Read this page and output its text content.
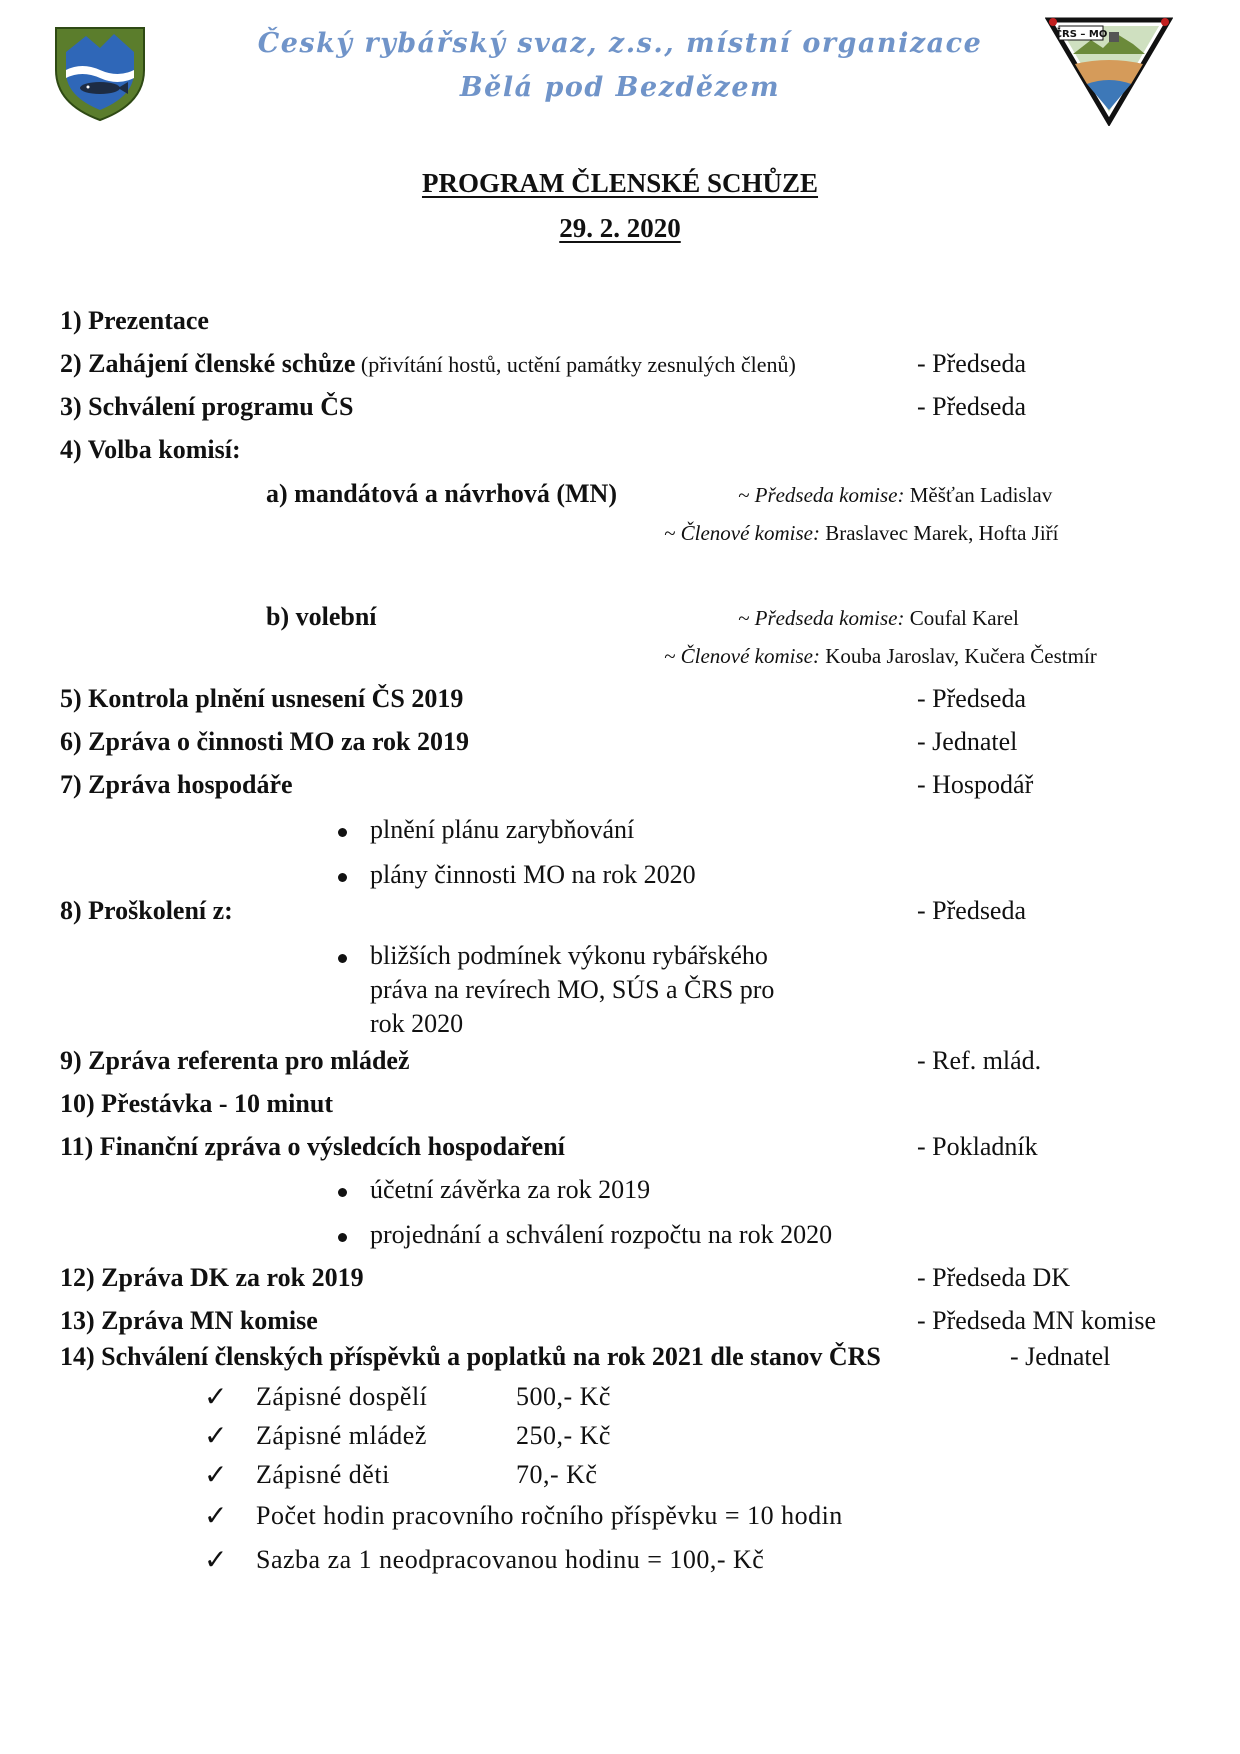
ČRS – MO
Český rybářský svaz, z.s., místní organizace
Bělá pod Bezdězem
PROGRAM ČLENSKÉ SCHŮZE
29. 2. 2020
1) Prezentace
2) Zahájení členské schůze (přivítání hostů, uctění památky zesnulých členů)	- Předseda
3) Schválení programu ČS	- Předseda
4) Volba komisí:
a) mandátová a návrhová (MN)	~ Předseda komise: Měšťan Ladislav
~ Členové komise: Braslavec Marek, Hofta Jiří
b) volební	~ Předseda komise: Coufal Karel
~ Členové komise: Kouba Jaroslav, Kučera Čestmír
5) Kontrola plnění usnesení ČS 2019	- Předseda
6) Zpráva o činnosti MO za rok 2019	- Jednatel
7) Zpráva hospodáře	- Hospodář
plnění plánu zarybňování
plány činnosti MO na rok 2020
8) Proškolení z:	- Předseda
bližších podmínek výkonu rybářského
práva na revírech MO, SÚS a ČRS pro
rok 2020
9) Zpráva referenta pro mládež	- Ref. mlád.
10) Přestávka - 10 minut
11) Finanční zpráva o výsledcích hospodaření	- Pokladník
účetní závěrka za rok 2019
projednání a schválení rozpočtu na rok 2020
12) Zpráva DK za rok 2019	- Předseda DK
13) Zpráva MN komise	- Předseda MN komise
14) Schválení členských příspěvků a poplatků na rok 2021 dle stanov ČRS	- Jednatel
✓ Zápisné dospělí	500,- Kč
✓ Zápisné mládež	250,- Kč
✓ Zápisné děti	70,- Kč
✓ Počet hodin pracovního ročního příspěvku = 10 hodin
✓ Sazba za 1 neodpracovanou hodinu = 100,- Kč
